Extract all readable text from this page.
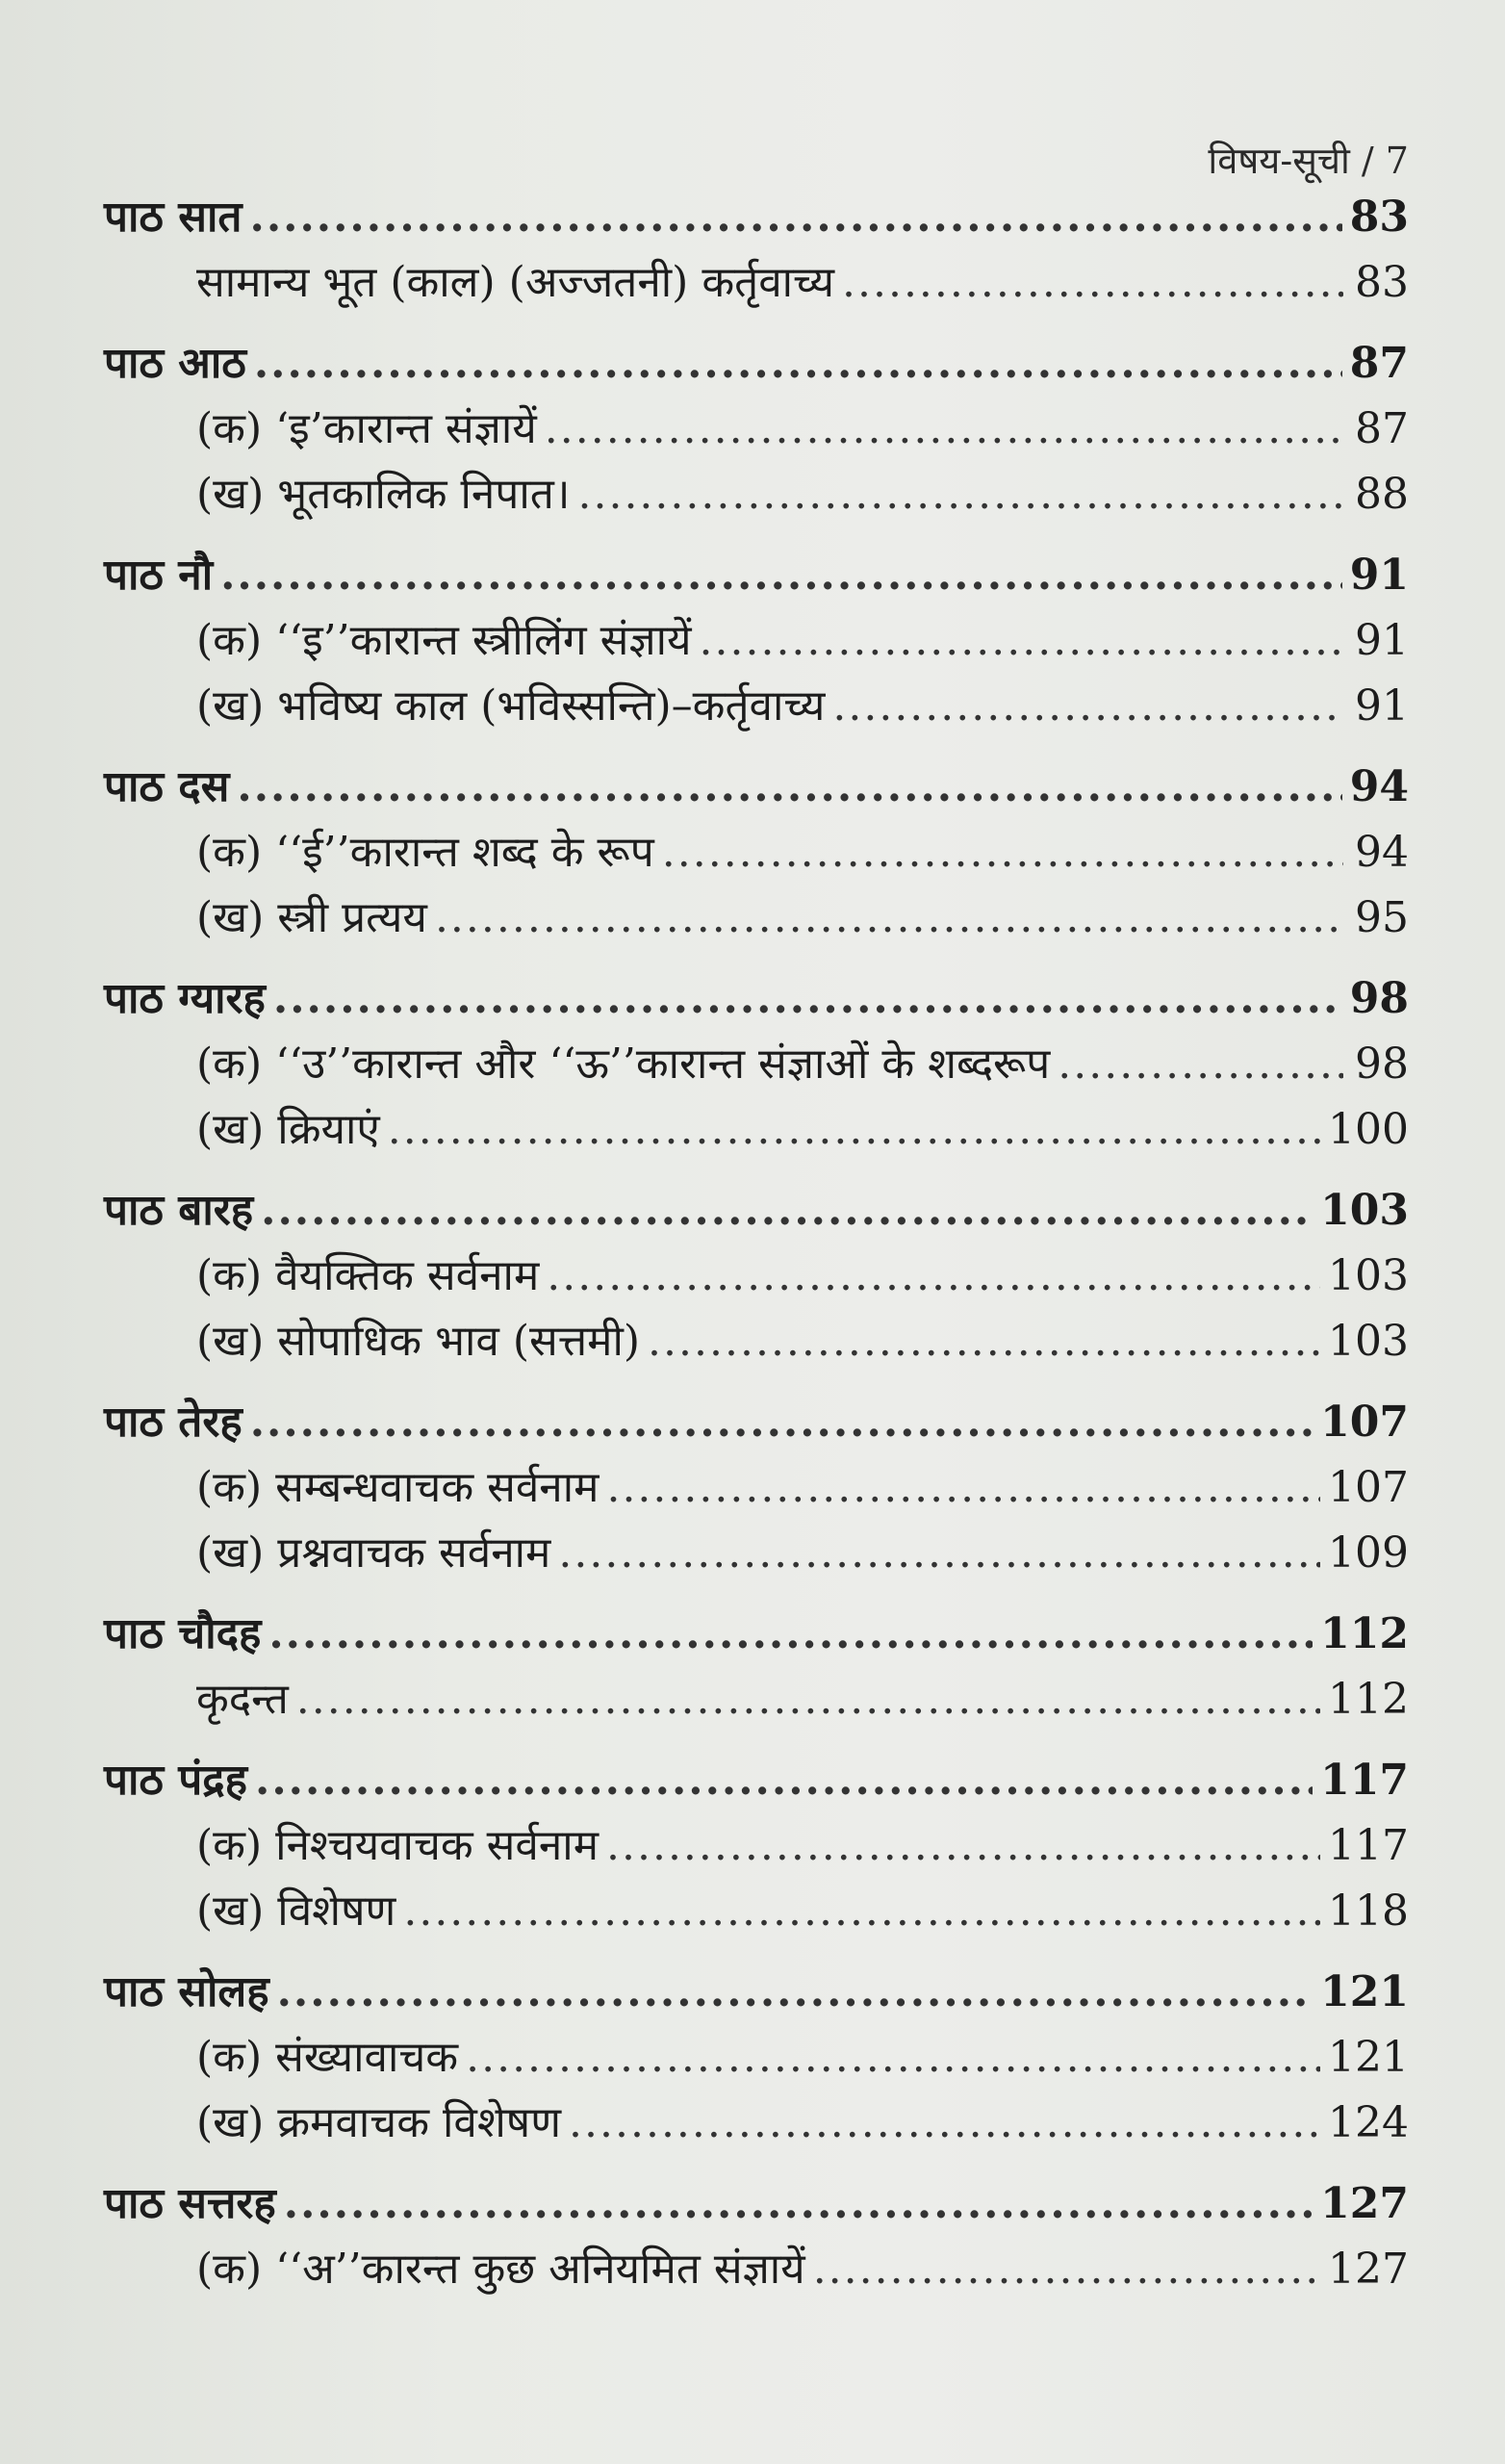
विषय-सूची / 7
पाठ सात .....	83
सामान्य भूत (काल) (अज्जतनी) कर्तृवाच्य .....	83
पाठ आठ .....	87
(क) ‘इ’कारान्त संज्ञायें .....	87
(ख) भूतकालिक निपात। .....	88
पाठ नौ .....	91
(क) ‘‘इ’’कारान्त स्त्रीलिंग संज्ञायें .....	91
(ख) भविष्य काल (भविस्सन्ति)–कर्तृवाच्य .....	91
पाठ दस .....	94
(क) ‘‘ई’’कारान्त शब्द के रूप .....	94
(ख) स्त्री प्रत्यय .....	95
पाठ ग्यारह .....	98
(क) ‘‘उ’’कारान्त और ‘‘ऊ’’कारान्त संज्ञाओं के शब्दरूप .....	98
(ख) क्रियाएं .....	100
पाठ बारह .....	103
(क) वैयक्तिक सर्वनाम .....	103
(ख) सोपाधिक भाव (सत्तमी) .....	103
पाठ तेरह .....	107
(क) सम्बन्धवाचक सर्वनाम .....	107
(ख) प्रश्नवाचक सर्वनाम .....	109
पाठ चौदह .....	112
कृदन्त .....	112
पाठ पंद्रह .....	117
(क) निश्चयवाचक सर्वनाम .....	117
(ख) विशेषण .....	118
पाठ सोलह .....	121
(क) संख्यावाचक .....	121
(ख) क्रमवाचक विशेषण .....	124
पाठ सत्तरह .....	127
(क) ‘‘अ’’कारन्त कुछ अनियमित संज्ञायें .....	127
